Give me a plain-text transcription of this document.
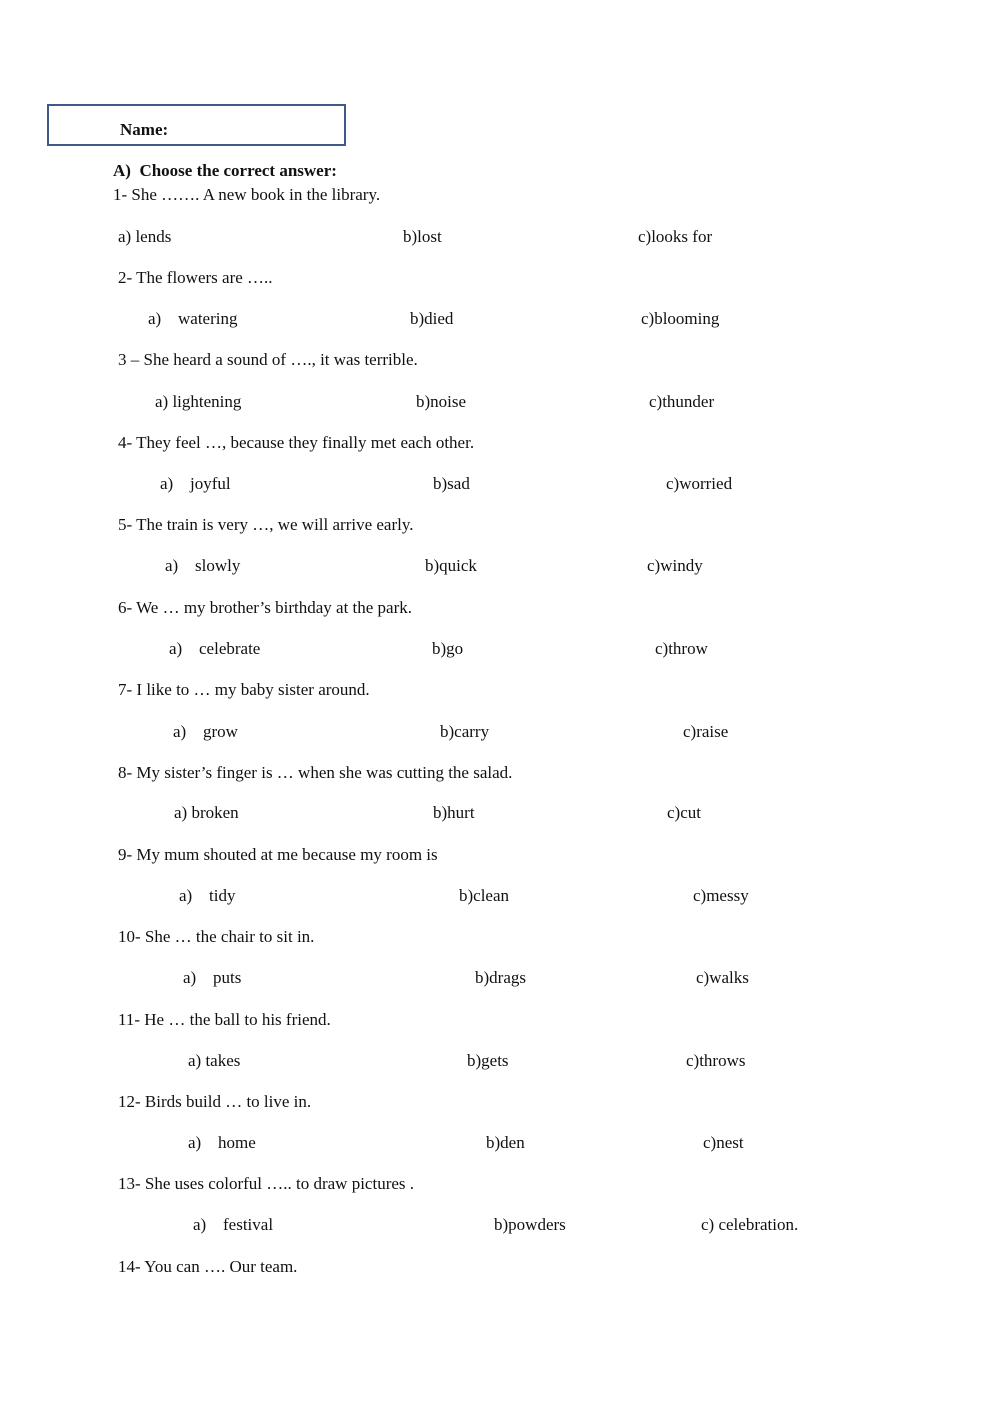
Name:
A) Choose the correct answer:
1- She ……. A new book in the library.
a) lends	b)lost	c)looks for
2- The flowers are …..
a) watering	b)died	c)blooming
3 – She heard a sound of …., it was terrible.
a) lightening	b)noise	c)thunder
4- They feel …, because they finally met each other.
a) joyful	b)sad	c)worried
5- The train is very …, we will arrive early.
a) slowly	b)quick	c)windy
6- We … my brother’s birthday at the park.
a) celebrate	b)go	c)throw
7- I like to … my baby sister around.
a) grow	b)carry	c)raise
8- My sister’s finger is … when she was cutting the salad.
a) broken	b)hurt	c)cut
9- My mum shouted at me because my room is
a) tidy	b)clean	c)messy
10- She … the chair to sit in.
a) puts	b)drags	c)walks
11- He … the ball to his friend.
a) takes	b)gets	c)throws
12- Birds build … to live in.
a) home	b)den	c)nest
13- She uses colorful ….. to draw pictures .
a) festival	b)powders	c) celebration.
14- You can …. Our team.
